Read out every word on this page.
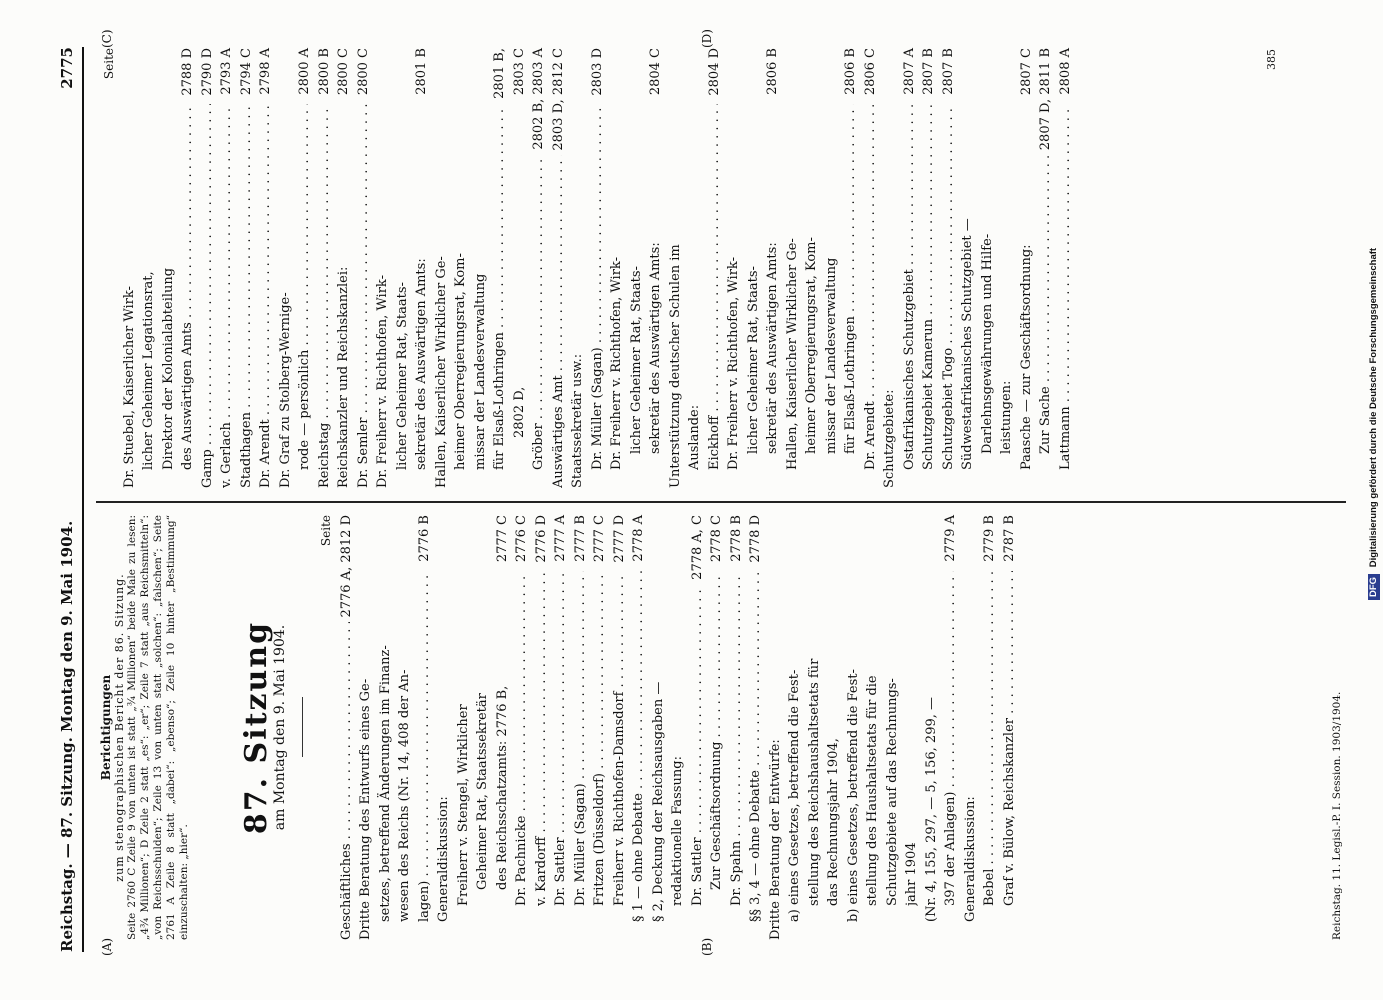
Reichstag. — 87. Sitzung. Montag den 9. Mai 1904.
2775
(A)	(B)
(C)	(D)
Berichtigungen zum stenographischen Bericht der 86. Sitzung. Seite 2760 C Zeile 9 von unten ist statt „¾ Millionen“ beide Male zu lesen: „4¾ Millionen“; D Zeile 2 statt „es“: „er“; Zeile 7 statt „aus Reichsmitteln“: „von Reichsschulden“; Zeile 13 von unten statt „solchen“: „falschen“; Seite 2761 A Zeile 8 statt „dabei“: „ebenso“; Zeile 10 hinter „Bestimmung“ einzuschalten: „hier“.
87. Sitzung
am Montag den 9. Mai 1904.
Seite
Geschäftliches . . .
2776 A, 2812 D
Dritte Beratung des Entwurfs eines Ge- setzes, betreffend Änderungen im Finanz- wesen des Reichs (Nr. 14, 408 der An- lagen) . . .
2776 B
Generaldiskussion: Freiherr v. Stengel, Wirklicher Geheimer Rat, Staatssekretär des Reichsschatzamts: 2776 B,
2777 C
Dr. Pachnicke . . .
2776 C
v. Kardorff . . .
2776 D
Dr. Sattler . . .
2777 A
Dr. Müller (Sagan) . . .
2777 B
Fritzen (Düsseldorf) . . .
2777 C
Freiherr v. Richthofen-Damsdorf . . .
2777 D
§ 1 — ohne Debatte . . .
2778 A
§ 2, Deckung der Reichsausgaben — redaktionelle Fassung: Dr. Sattler . . .
2778 A, C
Zur Geschäftsordnung . . .
2778 C
Dr. Spahn . . .
2778 B
§§ 3, 4 — ohne Debatte . . .
2778 D
Dritte Beratung der Entwürfe: a) eines Gesetzes, betreffend die Fest- stellung des Reichshaushaltsetats für das Rechnungsjahr 1904, b) eines Gesetzes, betreffend die Fest- stellung des Haushaltsetats für die Schutzgebiete auf das Rechnungs- jahr 1904 (Nr. 4, 155, 297, — 5, 156, 299, — 397 der Anlagen) . . .
2779 A
Generaldiskussion: Bebel . . .
2779 B
Graf v. Bülow, Reichskanzler . . .
2787 B
Reichstag. 11. Legisl.-P. I. Session. 1903/1904.
Seite
Dr. Stuebel, Kaiserlicher Wirk- licher Geheimer Legationsrat, Direktor der Kolonialabteilung des Auswärtigen Amts . . .
2788 D
Gamp . . .
2790 D
v. Gerlach . . .
2793 A
Stadthagen . . .
2794 C
Dr. Arendt . . .
2798 A
Dr. Graf zu Stolberg-Wernige- rode — persönlich . . .
2800 A
Reichstag . . .
2800 B
Reichskanzler und Reichskanzlei:
2800 C
Dr. Semler . . .
2800 C
Dr. Freiherr v. Richthofen, Wirk- licher Geheimer Rat, Staats- sekretär des Auswärtigen Amts:
2801 B
Hallen, Kaiserlicher Wirklicher Ge- heimer Oberregierungsrat, Kom- missar der Landesverwaltung für Elsaß-Lothringen . . .
2801 B,
2802 D,
2803 C
Gröber . . .
2802 B, 2803 A
Auswärtiges Amt . . .
2803 D, 2812 C
Staatssekretär usw.: Dr. Müller (Sagan) . . .
2803 D
Dr. Freiherr v. Richthofen, Wirk- licher Geheimer Rat, Staats- sekretär des Auswärtigen Amts:
2804 C
Unterstützung deutscher Schulen im Auslande: Eickhoff . . .
2804 D
Dr. Freiherr v. Richthofen, Wirk- licher Geheimer Rat, Staats- sekretär des Auswärtigen Amts:
2806 B
Hallen, Kaiserlicher Wirklicher Ge- heimer Oberregierungsrat, Kom- missar der Landesverwaltung für Elsaß-Lothringen . . .
2806 B
Dr. Arendt . . .
2806 C
Schutzgebiete: Ostafrikanisches Schutzgebiet . . .
2807 A
Schutzgebiet Kamerun . . .
2807 B
Schutzgebiet Togo . . .
2807 B
Südwestafrikanisches Schutzgebiet — Darlehnsgewährungen und Hilfe- leistungen: Paasche — zur Geschäftsordnung:
2807 C
Zur Sache . . .
2807 D, 2811 B
Lattmann . . .
2808 A	385
DFG Digitalisierung gefördert durch die Deutsche Forschungsgemeinschaft
